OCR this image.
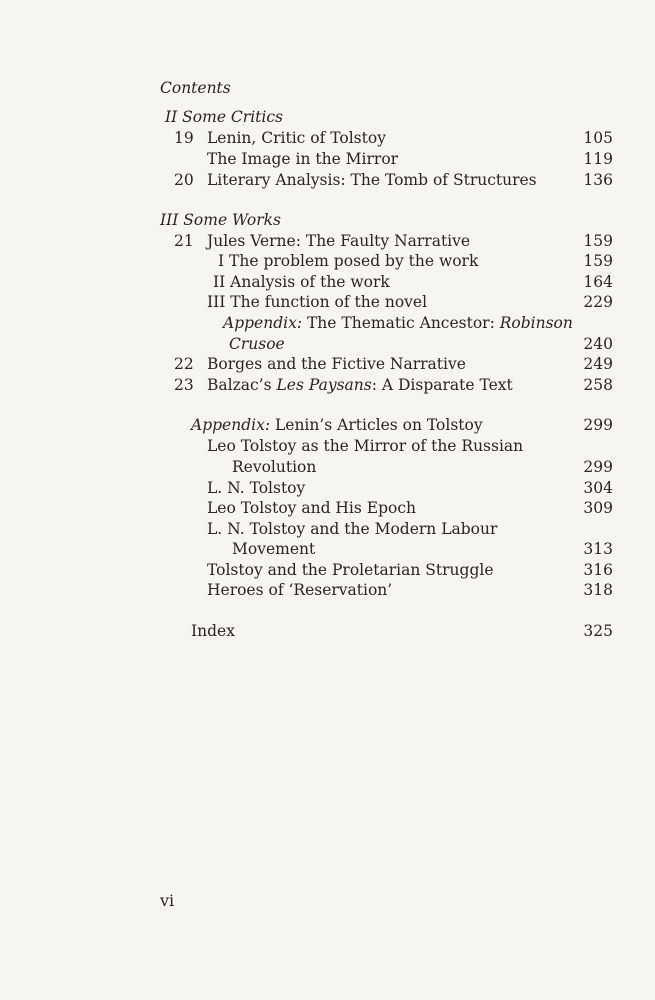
Contents
II Some Critics
19 Lenin, Critic of Tolstoy	105
The Image in the Mirror	119
20 Literary Analysis: The Tomb of Structures	136
III Some Works
21 Jules Verne: The Faulty Narrative	159
I The problem posed by the work	159
II Analysis of the work	164
III The function of the novel	229
Appendix: The Thematic Ancestor: Robinson
Crusoe	240
22 Borges and the Fictive Narrative	249
23 Balzac’s Les Paysans: A Disparate Text	258
Appendix: Lenin’s Articles on Tolstoy	299
Leo Tolstoy as the Mirror of the Russian
Revolution	299
L. N. Tolstoy	304
Leo Tolstoy and His Epoch	309
L. N. Tolstoy and the Modern Labour
Movement	313
Tolstoy and the Proletarian Struggle	316
Heroes of ‘Reservation’	318
Index	325
vi
